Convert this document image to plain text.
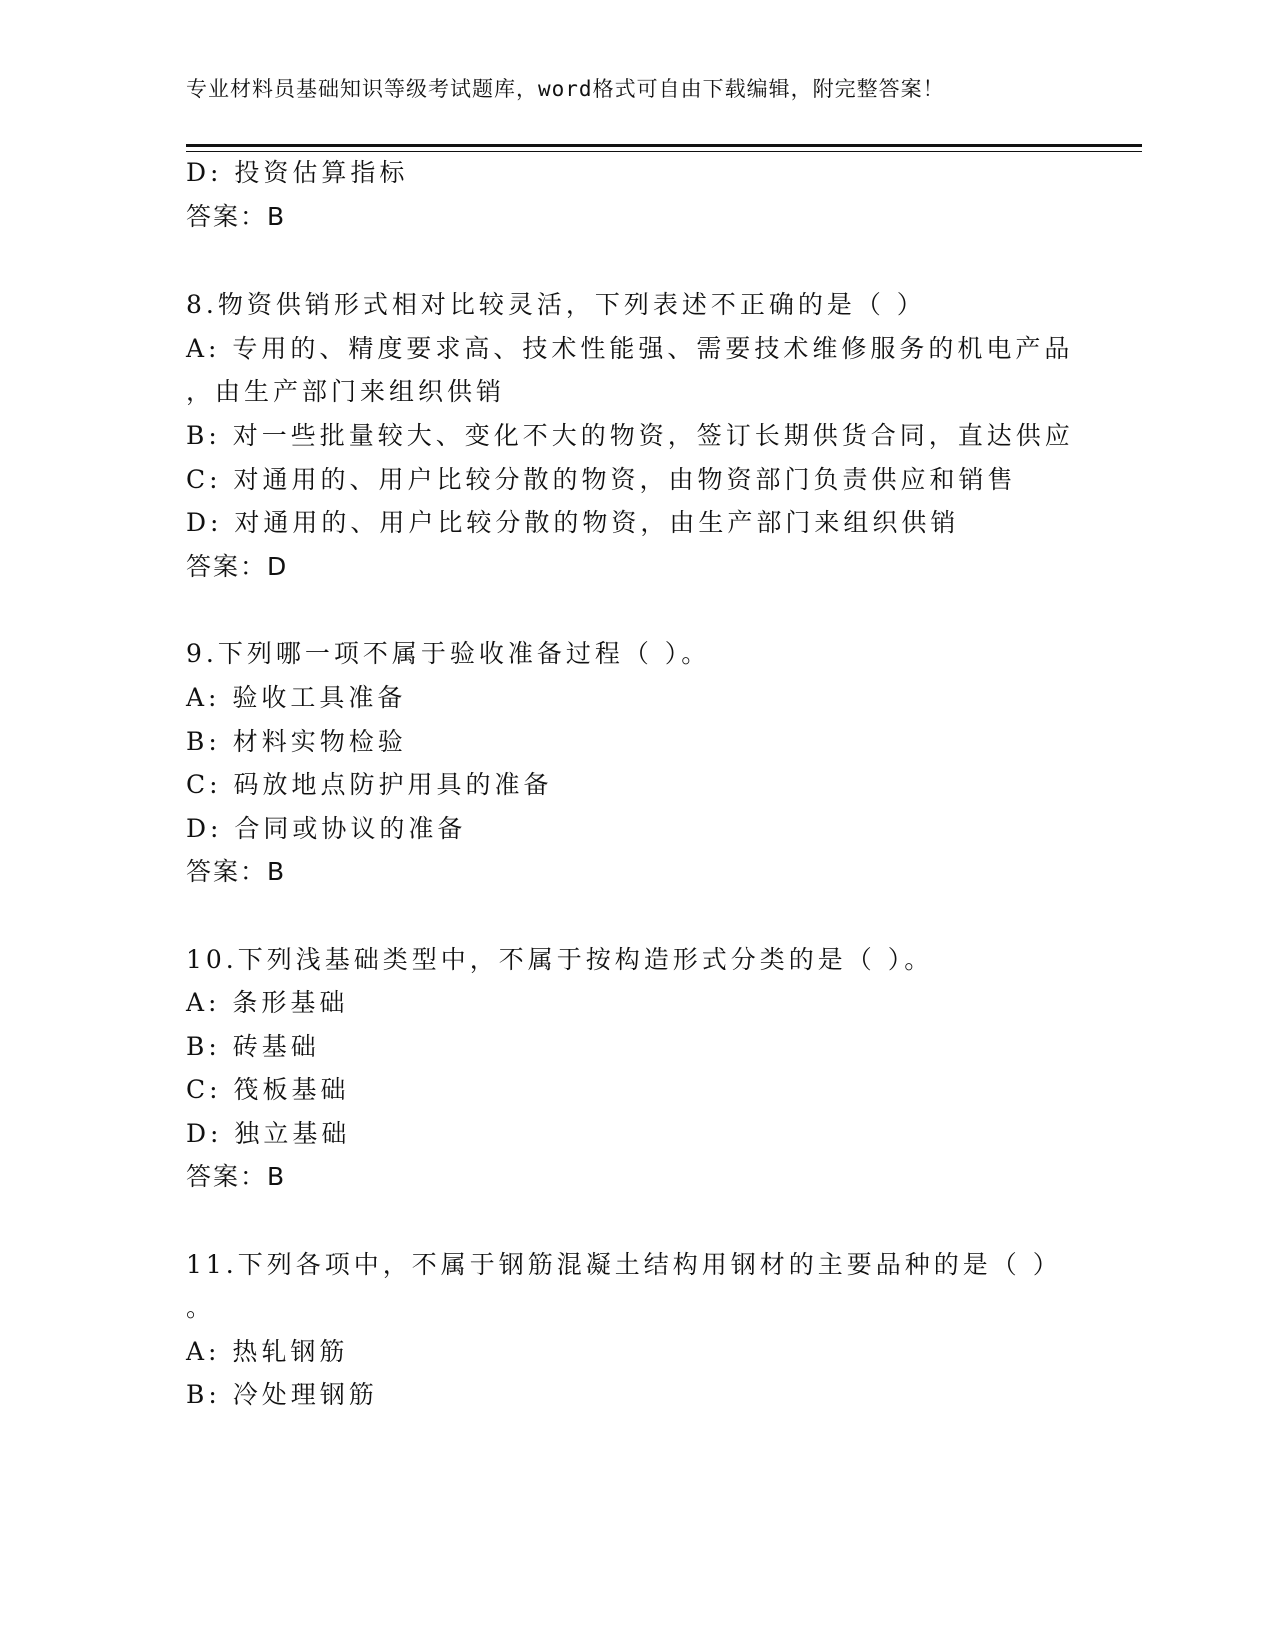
专业材料员基础知识等级考试题库，word格式可自由下载编辑，附完整答案！
D: 投资估算指标
答案：B
8.物资供销形式相对比较灵活，下列表述不正确的是（ ）
A: 专用的、精度要求高、技术性能强、需要技术维修服务的机电产品
，由生产部门来组织供销
B: 对一些批量较大、变化不大的物资，签订长期供货合同，直达供应
C: 对通用的、用户比较分散的物资，由物资部门负责供应和销售
D: 对通用的、用户比较分散的物资，由生产部门来组织供销
答案：D
9.下列哪一项不属于验收准备过程（ ）。
A: 验收工具准备
B: 材料实物检验
C: 码放地点防护用具的准备
D: 合同或协议的准备
答案：B
10.下列浅基础类型中，不属于按构造形式分类的是（ ）。
A: 条形基础
B: 砖基础
C: 筏板基础
D: 独立基础
答案：B
11.下列各项中，不属于钢筋混凝土结构用钢材的主要品种的是（ ）
。
A: 热轧钢筋
B: 冷处理钢筋
